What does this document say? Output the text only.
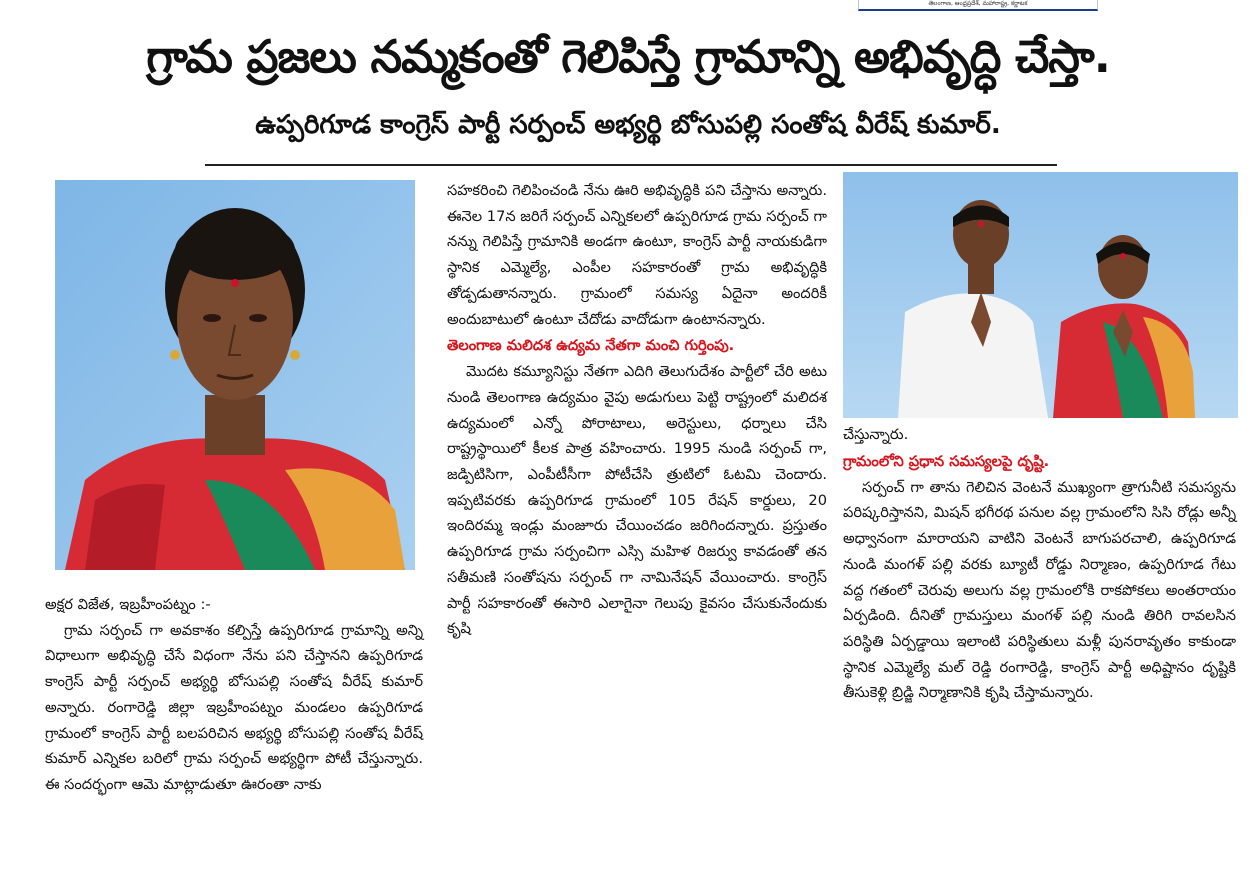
తెలంగాణ, ఆంధ్రప్రదేశ్, మహారాష్ట్ర, కర్ణాటక
గ్రామ ప్రజలు నమ్మకంతో గెలిపిస్తే గ్రామాన్ని అభివృద్ధి చేస్తా.
ఉప్పరిగూడ కాంగ్రెస్ పార్టీ సర్పంచ్ అభ్యర్థి బోసుపల్లి సంతోష వీరేష్ కుమార్.

అక్షర విజేత, ఇబ్రహీంపట్నం :-

గ్రామ సర్పంచ్ గా అవకాశం కల్పిస్తే ఉప్పరిగూడ గ్రామాన్ని అన్ని విధాలుగా అభివృద్ధి చేసే విధంగా నేను పని చేస్తానని ఉప్పరిగూడ కాంగ్రెస్ పార్టీ సర్పంచ్ అభ్యర్థి బోసుపల్లి సంతోష వీరేష్ కుమార్ అన్నారు. రంగారెడ్డి జిల్లా ఇబ్రహీంపట్నం మండలం ఉప్పరిగూడ గ్రామంలో కాంగ్రెస్ పార్టీ బలపరిచిన అభ్యర్థి బోసుపల్లి సంతోష వీరేష్ కుమార్ ఎన్నికల బరిలో గ్రామ సర్పంచ్ అభ్యర్థిగా పోటీ చేస్తున్నారు. ఈ సందర్భంగా ఆమె మాట్లాడుతూ ఊరంతా నాకు

సహకరించి గెలిపించండి నేను ఊరి అభివృద్ధికి పని చేస్తాను అన్నారు. ఈనెల 17న జరిగే సర్పంచ్ ఎన్నికలలో ఉప్పరిగూడ గ్రామ సర్పంచ్ గా నన్ను గెలిపిస్తే గ్రామానికి అండగా ఉంటూ, కాంగ్రెస్ పార్టీ నాయకుడిగా స్థానిక ఎమ్మెల్యే, ఎంపీల సహకారంతో గ్రామ అభివృద్ధికి తోడ్పడుతానన్నారు. గ్రామంలో సమస్య ఏదైనా అందరికీ అందుబాటులో ఉంటూ చేదోడు వాదోడుగా ఉంటానన్నారు.

తెలంగాణ మలిదశ ఉద్యమ నేతగా మంచి గుర్తింపు.

మొదట కమ్యూనిస్టు నేతగా ఎదిగి తెలుగుదేశం పార్టీలో చేరి అటు నుండి తెలంగాణ ఉద్యమం వైపు అడుగులు పెట్టి రాష్ట్రంలో మలిదశ ఉద్యమంలో ఎన్నో పోరాటాలు, అరెస్టులు, ధర్నాలు చేసి రాష్ట్రస్థాయిలో కీలక పాత్ర వహించారు. 1995 నుండి సర్పంచ్ గా, జడ్పిటిసిగా, ఎంపీటీసీగా పోటీచేసి త్రుటిలో ఓటమి చెందారు. ఇప్పటివరకు ఉప్పరిగూడ గ్రామంలో 105 రేషన్ కార్డులు, 20 ఇందిరమ్మ ఇండ్లు మంజూరు చేయించడం జరిగిందన్నారు. ప్రస్తుతం ఉప్పరిగూడ గ్రామ సర్పంచిగా ఎస్సి మహిళ రిజర్వు కావడంతో తన సతీమణి సంతోషను సర్పంచ్ గా నామినేషన్ వేయించారు. కాంగ్రెస్ పార్టీ సహకారంతో ఈసారి ఎలాగైనా గెలుపు కైవసం చేసుకునేందుకు కృషి

చేస్తున్నారు.

గ్రామంలోని ప్రధాన సమస్యలపై దృష్టి.

సర్పంచ్ గా తాను గెలిచిన వెంటనే ముఖ్యంగా త్రాగునీటి సమస్యను పరిష్కరిస్తానని, మిషన్ భగీరథ పనుల వల్ల గ్రామంలోని సిసి రోడ్లు అన్నీ అధ్వానంగా మారాయని వాటిని వెంటనే బాగుపరచాలి, ఉప్పరిగూడ నుండి మంగళ్ పల్లి వరకు బ్యూటీ రోడ్డు నిర్మాణం, ఉప్పరిగూడ గేటు వద్ద గతంలో చెరువు అలుగు వల్ల గ్రామంలోకి రాకపోకలు అంతరాయం ఏర్పడింది. దీనితో గ్రామస్తులు మంగళ్ పల్లి నుండి తిరిగి రావలసిన పరిస్థితి ఏర్పడ్డాయి ఇలాంటి పరిస్థితులు మళ్లీ పునరావృతం కాకుండా స్థానిక ఎమ్మెల్యే మల్ రెడ్డి రంగారెడ్డి, కాంగ్రెస్ పార్టీ అధిష్టానం దృష్టికి తీసుకెళ్లి బ్రిడ్జి నిర్మాణానికి కృషి చేస్తామన్నారు.
